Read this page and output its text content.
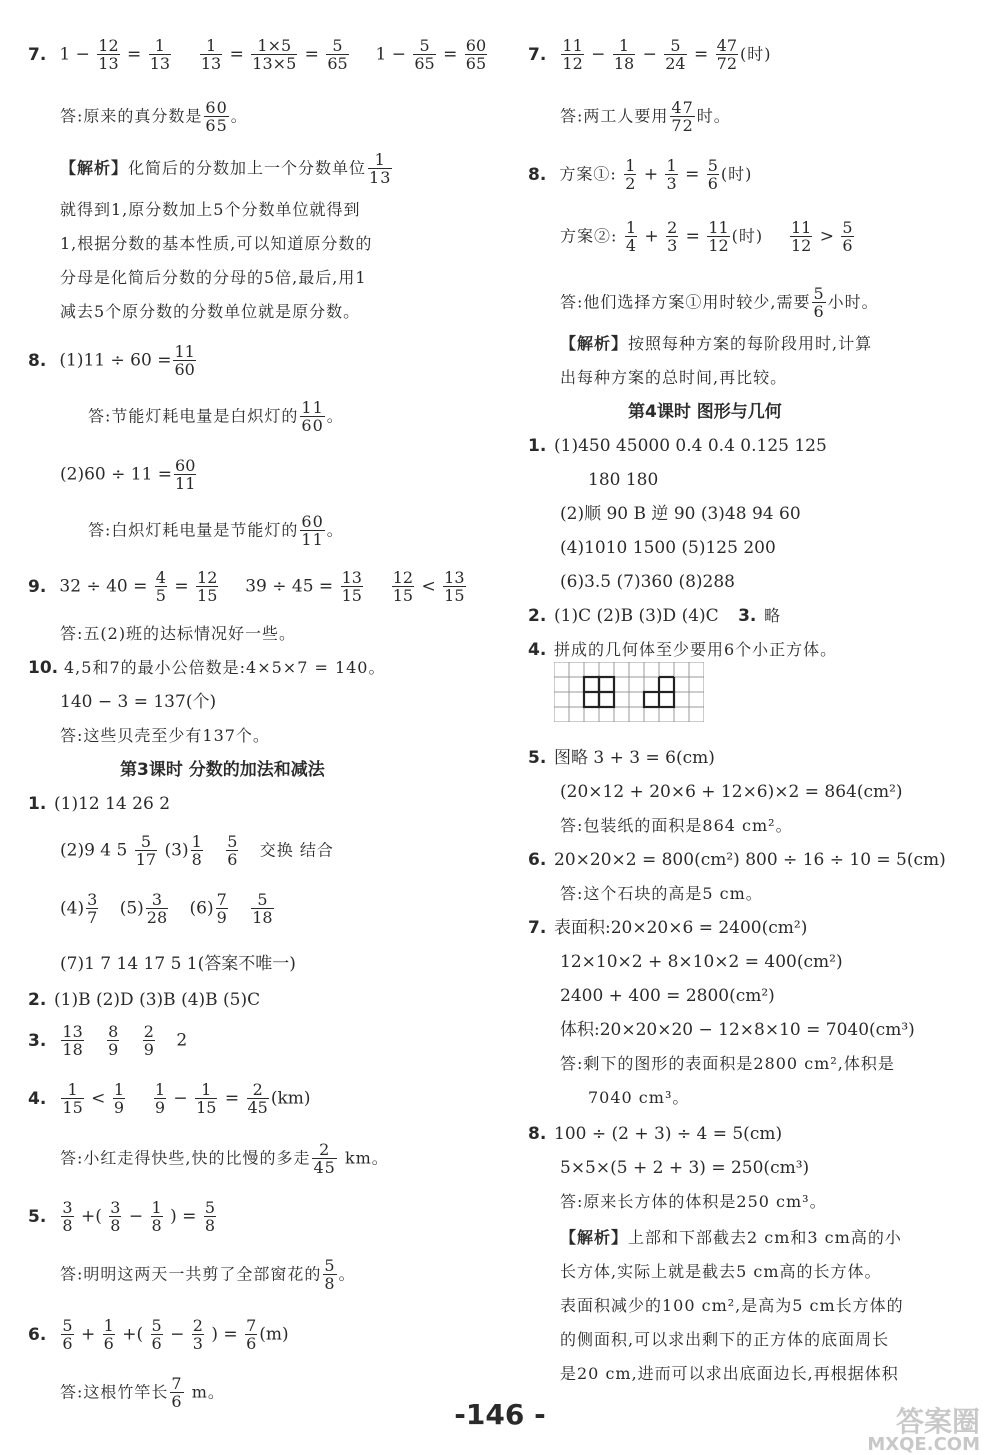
7. $1 - \frac{12}{13} = \frac{1}{13}$
$\frac{1}{13} = \frac{1\times 5}{13\times 5} = \frac{5}{65} 1 - \frac{5}{65} = \frac{60}{65}$
答:原来的真分数是 $\frac{60}{65}$ 。
【解析】化简后的分数加上一个分数单位 $\frac{1}{13}$
就得到1,原分数加上5个分数单位就得到
1,根据分数的基本性质,可以知道原分数的
分母是化简后分数的分母的5倍,最后,用1
减去5个原分数的分数单位就是原分数。
8. $(1)11 \div 60 = \frac{11}{60}$
答:节能灯耗电量是白炽灯的 $\frac{11}{60}$ 。
$(2)60 \div 11 = \frac{60}{11}$
答:白炽灯耗电量是节能灯的 $\frac{60}{11}$ 。
9. $32 \div 40 = \frac{4}{5} = \frac{12}{15} 39 \div 45 = \frac{13}{15}$
$\frac{12}{15} < \frac{13}{15}$
答:五(2)班的达标情况好一些。
10. 4,5和7的最小公倍数是:4×5×7 = 140。
140 − 3 = 137(个)
答:这些贝壳至少有137个。
第3课时 分数的加法和减法
1. (1)12 14 26 2
(2)9 4 $5 \frac{5}{17} (3) \frac{1}{8}$
$\frac{5}{6}$ 交换 结合
$(4) \frac{3}{7} (5) \frac{3}{28} (6) \frac{7}{9}$
$\frac{5}{18}$
(7)1 7 14 17 5 1(答案不唯一)
2. (1)B (2)D (3)B (4)B (5)C
3. $\frac{13}{18}$
$\frac{8}{9}$
$\frac{2}{9} 2$
4. $\frac{1}{15} < \frac{1}{9}$
$\frac{1}{9} - \frac{1}{15} = \frac{2}{45} (km)$
答:小红走得快些,快的比慢的多走 $\frac{2}{45}$ km。
5. $\frac{3}{8}$ +( $\frac{3}{8} - \frac{1}{8}$ ) = $\frac{5}{8}$
答:明明这两天一共剪了全部窗花的 $\frac{5}{8}$ 。
6. $\frac{5}{6} + \frac{1}{6}$ +( $\frac{5}{6} - \frac{2}{3}$ ) = $\frac{7}{6} (m)$
答:这根竹竿长 $\frac{7}{6}$ m。
7. $\frac{11}{12} - \frac{1}{18} - \frac{5}{24} = \frac{47}{72}$ (时)
答:两工人要用 $\frac{47}{72}$ 时。
8. 方案①: $\frac{1}{2} + \frac{1}{3} = \frac{5}{6}$ (时)
方案②: $\frac{1}{4} + \frac{2}{3} = \frac{11}{12}$ (时) $\frac{11}{12} > \frac{5}{6}$
答:他们选择方案①用时较少,需要 $\frac{5}{6}$ 小时。
【解析】按照每种方案的每阶段用时,计算
出每种方案的总时间,再比较。
第4课时 图形与几何
1. (1)450 45000 0.4 0.4 0.125 125
180 180
(2)顺 90 B 逆 90 (3)48 94 60
(4)1010 1500 (5)125 200
(6)3.5 (7)360 (8)288
2. (1)C (2)B (3)D (4)C 3. 略
4. 拼成的几何体至少要用6个小正方体。
5. 图略 3 + 3 = 6(cm)
(20×12 + 20×6 + 12×6)×2 = 864(cm²)
答:包装纸的面积是864 cm²。
6. 20×20×2 = 800(cm²) 800 ÷ 16 ÷ 10 = 5(cm)
答:这个石块的高是5 cm。
7. 表面积:20×20×6 = 2400(cm²)
12×10×2 + 8×10×2 = 400(cm²)
2400 + 400 = 2800(cm²)
体积:20×20×20 − 12×8×10 = 7040(cm³)
答:剩下的图形的表面积是2800 cm²,体积是
7040 cm³。
8. 100 ÷ (2 + 3) ÷ 4 = 5(cm)
5×5×(5 + 2 + 3) = 250(cm³)
答:原来长方体的体积是250 cm³。
【解析】上部和下部截去2 cm和3 cm高的小
长方体,实际上就是截去5 cm高的长方体。
表面积减少的100 cm²,是高为5 cm长方体的
的侧面积,可以求出剩下的正方体的底面周长
是20 cm,进而可以求出底面边长,再根据体积
-146 -	答案圈
MXQE.COM
